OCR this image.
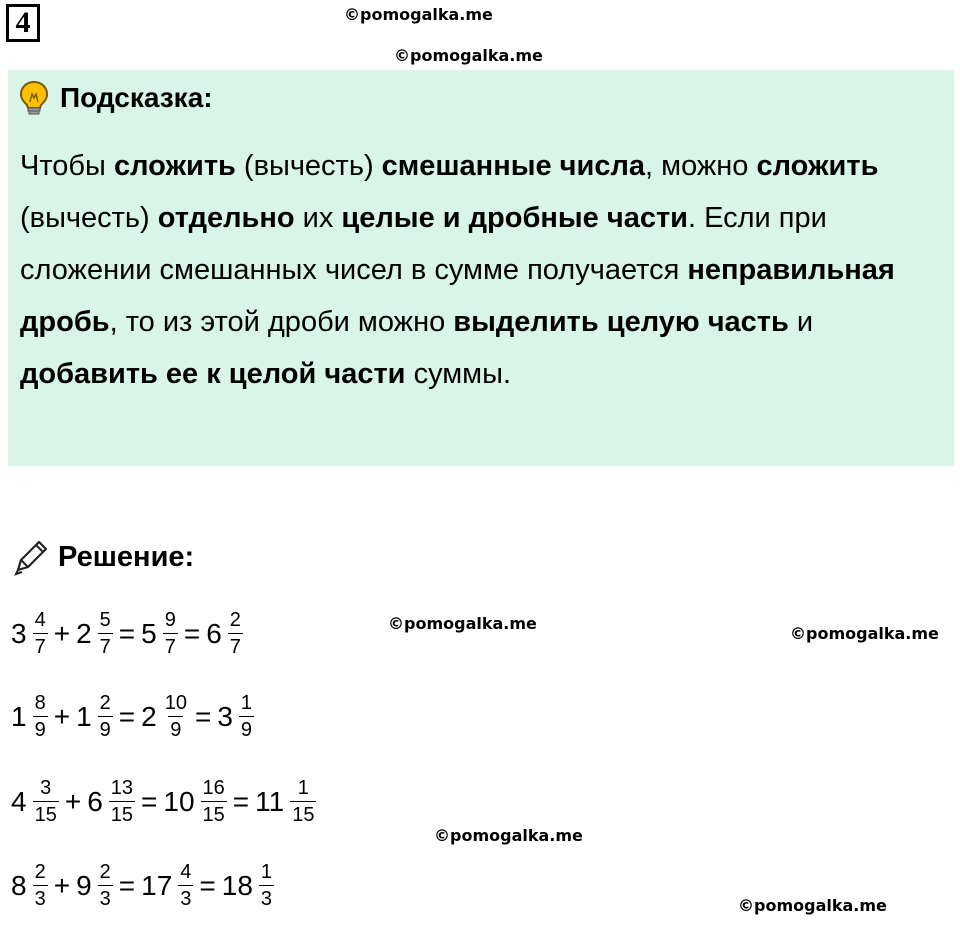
4	©pomogalka.me
©pomogalka.me
Подсказка:
Чтобы сложить (вычесть) смешанные числа, можно сложить (вычесть) отдельно их целые и дробные части. Если при сложении смешанных чисел в сумме получается неправильная дробь, то из этой дроби можно выделить целую часть и добавить ее к целой части суммы.
Решение:
$3 \frac{4}{7} + 2 \frac{5}{7} = 5 \frac{9}{7} = 6 \frac{2}{7}$
$1 \frac{8}{9} + 1 \frac{2}{9} = 2 \frac{10}{9} = 3 \frac{1}{9}$
$4 \frac{3}{15} + 6 \frac{13}{15} = 10 \frac{16}{15} = 11 \frac{1}{15}$
$8 \frac{2}{3} + 9 \frac{2}{3} = 17 \frac{4}{3} = 18 \frac{1}{3}$
©pomogalka.me
©pomogalka.me
©pomogalka.me
©pomogalka.me
